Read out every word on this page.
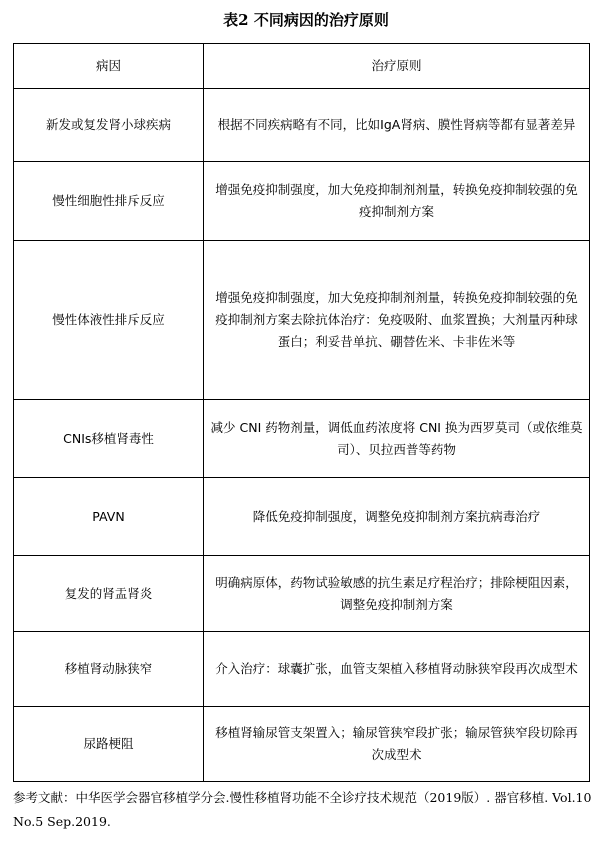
表2 不同病因的治疗原则
病因	治疗原则
新发或复发肾小球疾病	根据不同疾病略有不同，比如IgA肾病、膜性肾病等都有显著差异
慢性细胞性排斥反应	增强免疫抑制强度，加大免疫抑制剂剂量，转换免疫抑制较强的免疫抑制剂方案
慢性体液性排斥反应	增强免疫抑制强度，加大免疫抑制剂剂量，转换免疫抑制较强的免疫抑制剂方案去除抗体治疗：免疫吸附、血浆置换；大剂量丙种球蛋白；利妥昔单抗、硼替佐米、卡非佐米等
CNIs移植肾毒性	减少 CNI 药物剂量，调低血药浓度将 CNI 换为西罗莫司（或依维莫司）、贝拉西普等药物
PAVN	降低免疫抑制强度，调整免疫抑制剂方案抗病毒治疗
复发的肾盂肾炎	明确病原体，药物试验敏感的抗生素足疗程治疗；排除梗阻因素，调整免疫抑制剂方案
移植肾动脉狭窄	介入治疗：球囊扩张，血管支架植入移植肾动脉狭窄段再次成型术
尿路梗阻	移植肾输尿管支架置入；输尿管狭窄段扩张；输尿管狭窄段切除再次成型术
参考文献：中华医学会器官移植学分会.慢性移植肾功能不全诊疗技术规范（2019版）. 器官移植. Vol.10 No.5 Sep.2019.
